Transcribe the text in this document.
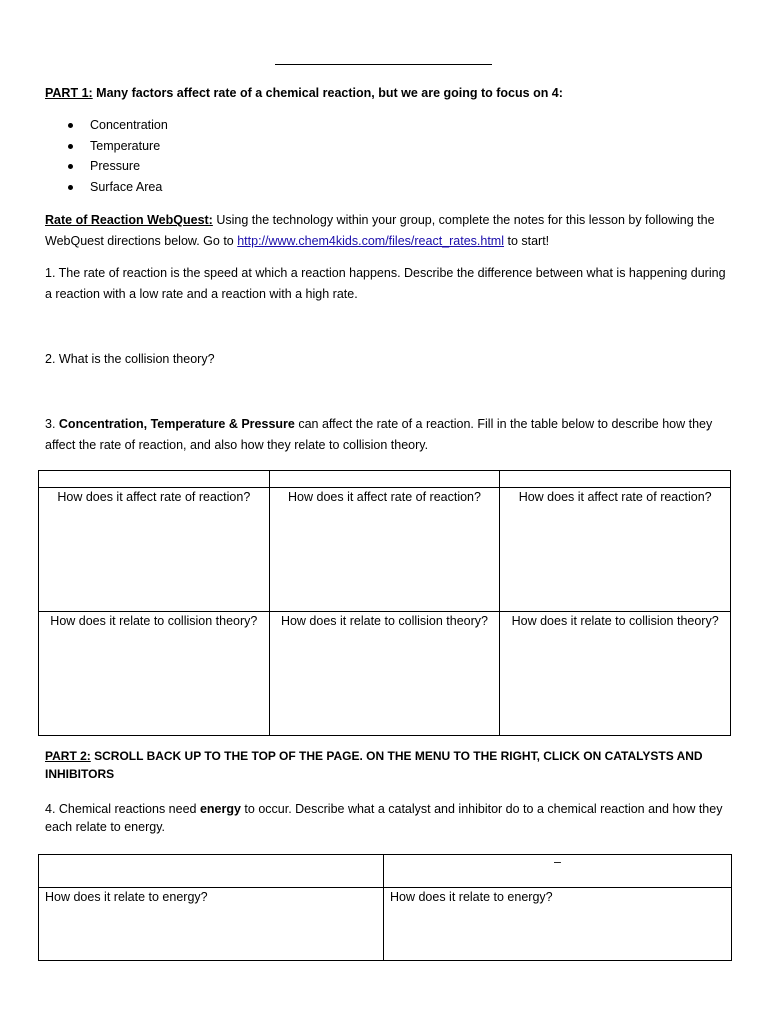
PART 1: Many factors affect rate of a chemical reaction, but we are going to focus on 4:
Concentration
Temperature
Pressure
Surface Area
Rate of Reaction WebQuest: Using the technology within your group, complete the notes for this lesson by following the WebQuest directions below. Go to http://www.chem4kids.com/files/react_rates.html to start!
1. The rate of reaction is the speed at which a reaction happens. Describe the difference between what is happening during a reaction with a low rate and a reaction with a high rate.
2. What is the collision theory?
3. Concentration, Temperature & Pressure can affect the rate of a reaction. Fill in the table below to describe how they affect the rate of reaction, and also how they relate to collision theory.

How does it affect rate of reaction?	How does it affect rate of reaction?	How does it affect rate of reaction?
How does it relate to collision theory?	How does it relate to collision theory?	How does it relate to collision theory?
PART 2: SCROLL BACK UP TO THE TOP OF THE PAGE. ON THE MENU TO THE RIGHT, CLICK ON CATALYSTS AND INHIBITORS
4. Chemical reactions need energy to occur. Describe what a catalyst and inhibitor do to a chemical reaction and how they each relate to energy.
	–
How does it relate to energy?	How does it relate to energy?
